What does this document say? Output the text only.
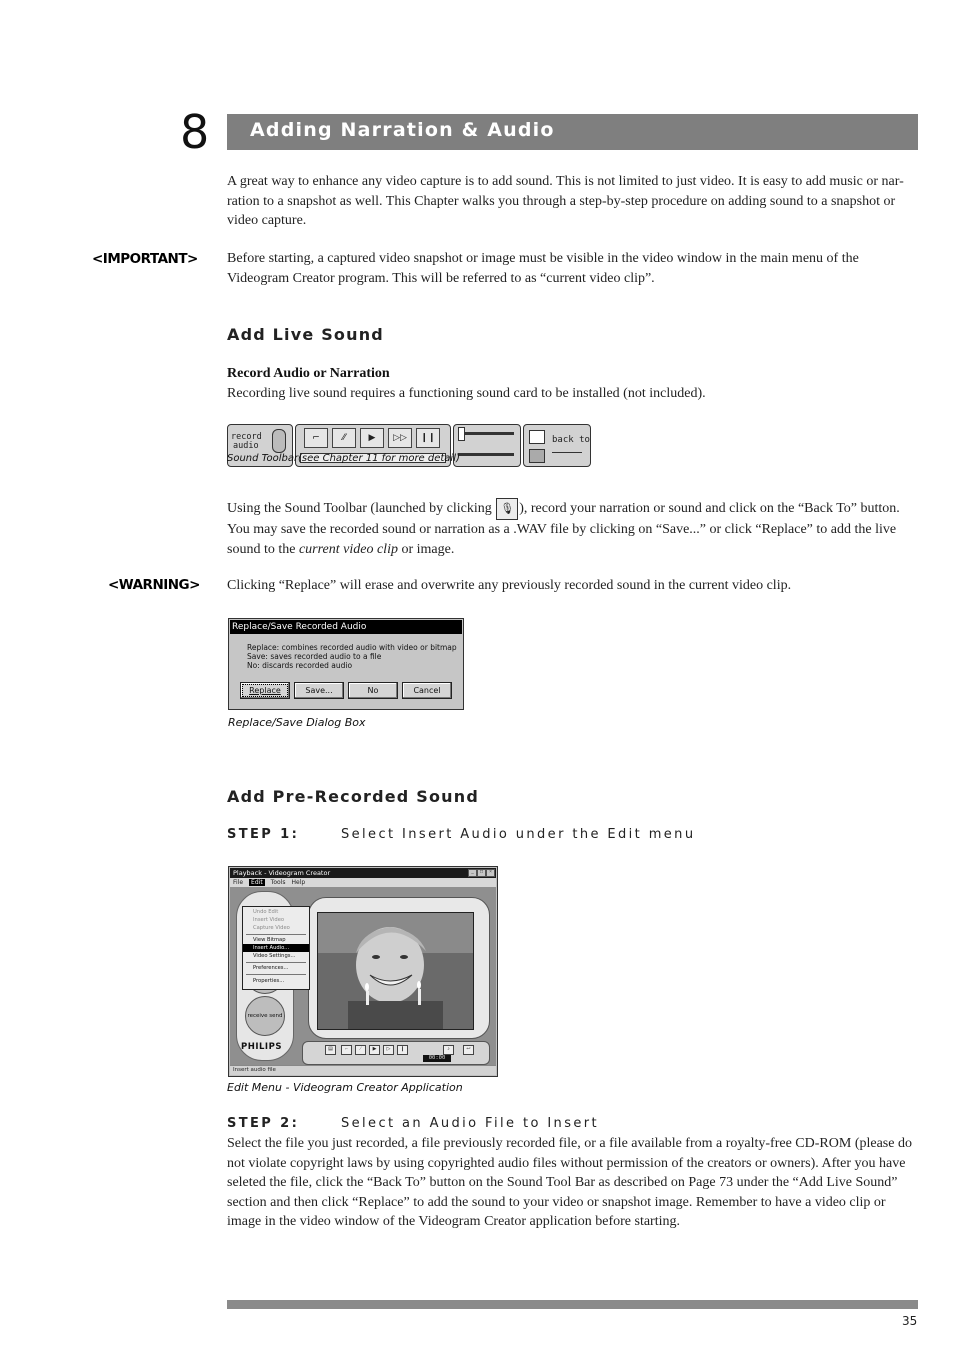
8 Adding Narration & Audio
A great way to enhance any video capture is to add sound. This is not limited to just video. It is easy to add music or nar-ration to a snapshot as well. This Chapter walks you through a step-by-step procedure on adding sound to a snapshot or video capture.
<IMPORTANT> Before starting, a captured video snapshot or image must be visible in the video window in the main menu of the Videogram Creator program. This will be referred to as “current video clip”.
Add Live Sound
Record Audio or Narration
Recording live sound requires a functioning sound card to be installed (not included).
record
audio
⌐	⁄⁄	▶	▷▷	❙❙	back to
Sound Toolbar (see Chapter 11 for more detail)
Using the Sound Toolbar (launched by clicking 🎙 ), record your narration or sound and click on the “Back To” button. You may save the recorded sound or narration as a .WAV file by clicking on “Save...” or click “Replace” to add the live sound to the current video clip or image.
<WARNING> Clicking “Replace” will erase and overwrite any previously recorded sound in the current video clip.
Replace/Save Recorded Audio
Replace: combines recorded audio with video or bitmap
Save: saves recorded audio to a file
No: discards recorded audio
Replace	Save...	No	Cancel
Replace/Save Dialog Box
Add Pre-Recorded Sound
STEP 1:	Select Insert Audio under the Edit menu
Playback - Videogram Creator	_	□	×
File Edit Tools Help
receive send
PHILIPS
Undo Edit
Insert Video
Capture Video
View Bitmap
Insert Audio...
Video Settings...
Preferences...
Properties...
▤	⌐	⁄	▶	▷	❙	♪	↩
00:00
Insert audio file
Edit Menu - Videogram Creator Application
STEP 2:	Select an Audio File to Insert
Select the file you just recorded, a file previously recorded file, or a file available from a royalty-free CD-ROM (please do not violate copyright laws by using copyrighted audio files without permission of the creators or owners). After you have seleted the file, click the “Back To” button on the Sound Tool Bar as described on Page 73 under the “Add Live Sound” section and then click “Replace” to add the sound to your video or snapshot image. Remember to have a video clip or image in the video window of the Videogram Creator application before starting.
35
